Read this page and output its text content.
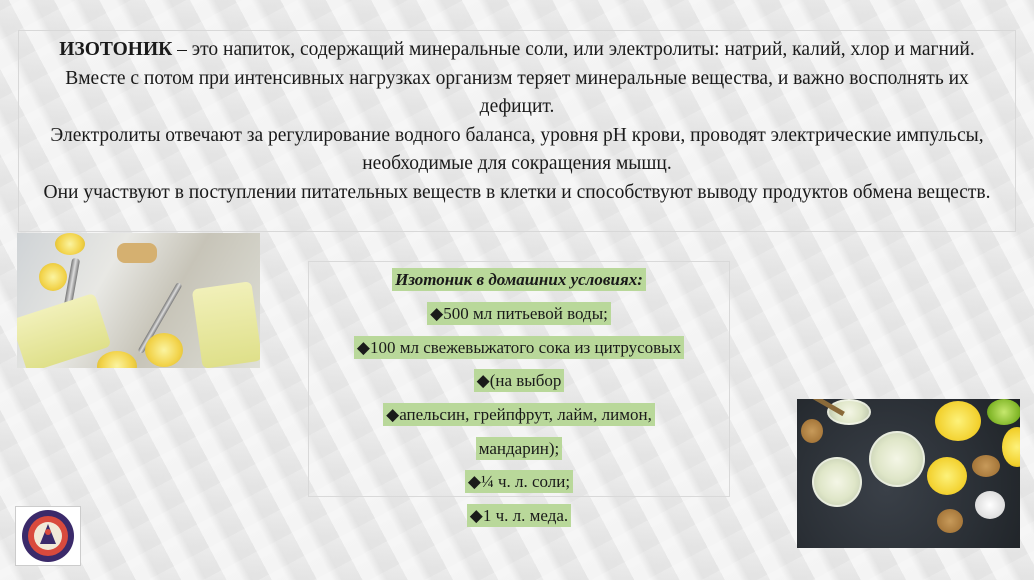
ИЗОТОНИК – это напиток, содержащий минеральные соли, или электролиты: натрий, калий, хлор и магний. Вместе с потом при интенсивных нагрузках организм теряет минеральные вещества, и важно восполнять их дефицит.
Электролиты отвечают за регулирование водного баланса, уровня pH крови, проводят электрические импульсы, необходимые для сокращения мышц.
Они участвуют в поступлении питательных веществ в клетки и способствуют выводу продуктов обмена веществ.
Изотоник в домашних условиях:
◆500 мл питьевой воды;
◆100 мл свежевыжатого сока из цитрусовых
◆(на выбор
◆апельсин, грейпфрут, лайм, лимон,
мандарин);
◆¼ ч. л. соли;
◆1 ч. л. меда.
